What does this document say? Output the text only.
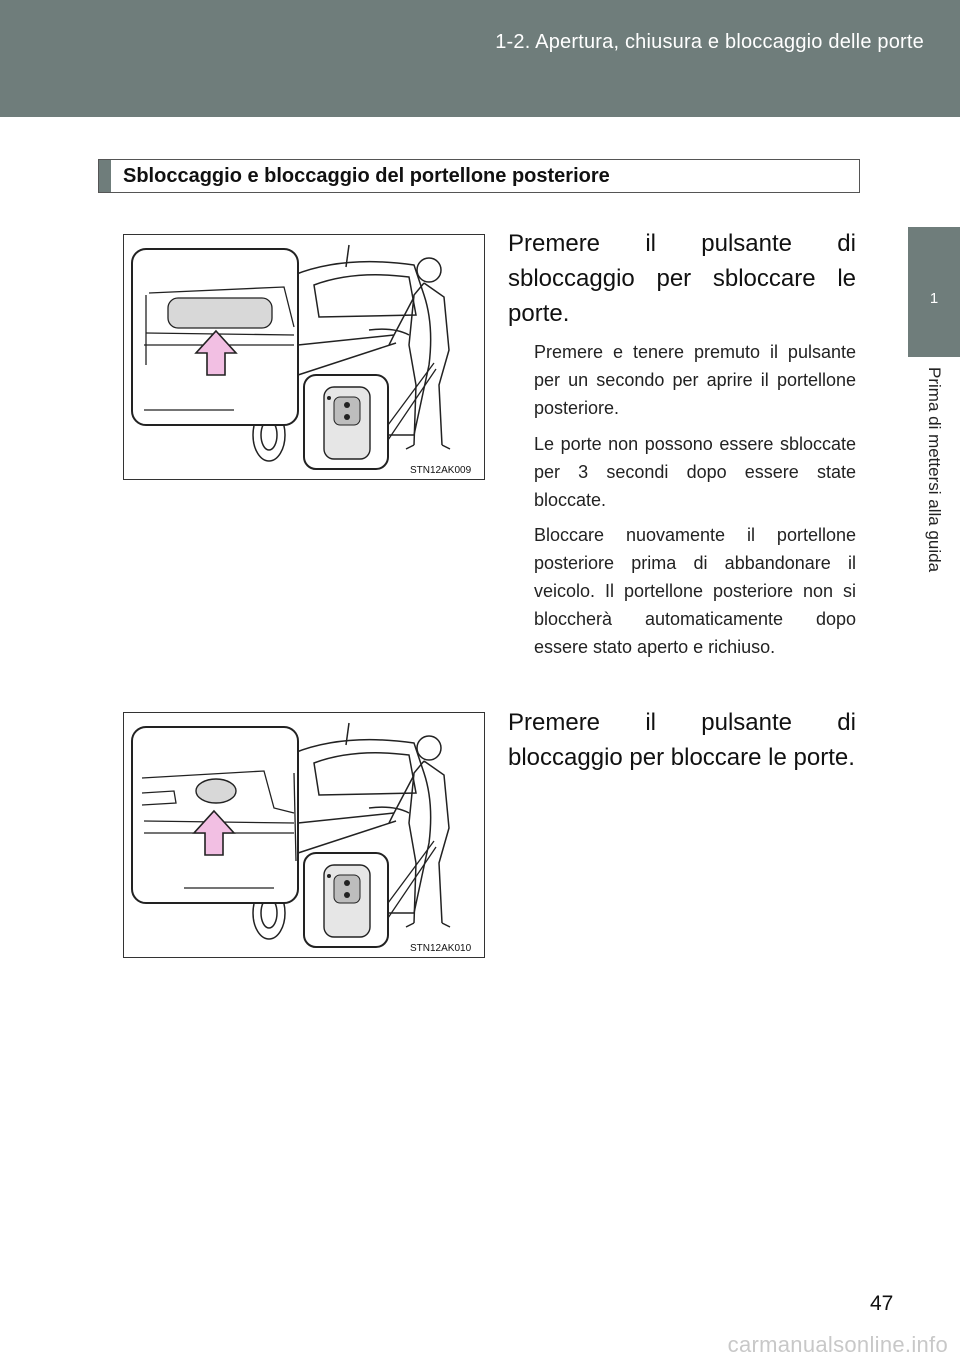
1-2. Apertura, chiusura e bloccaggio delle porte
1
Prima di mettersi alla guida
Sbloccaggio e bloccaggio del portellone posteriore
STN12AK009
Premere il pulsante di sbloccaggio per sbloccare le porte.
Premere e tenere premuto il pulsante per un secondo per aprire il portellone posteriore.
Le porte non possono essere sbloccate per 3 secondi dopo essere state bloccate.
Bloccare nuovamente il portellone posteriore prima di abbandonare il veicolo. Il portellone posteriore non si bloccherà automaticamente dopo essere stato aperto e richiuso.
STN12AK010
Premere il pulsante di bloccaggio per bloccare le porte.
47
carmanualsonline.info
